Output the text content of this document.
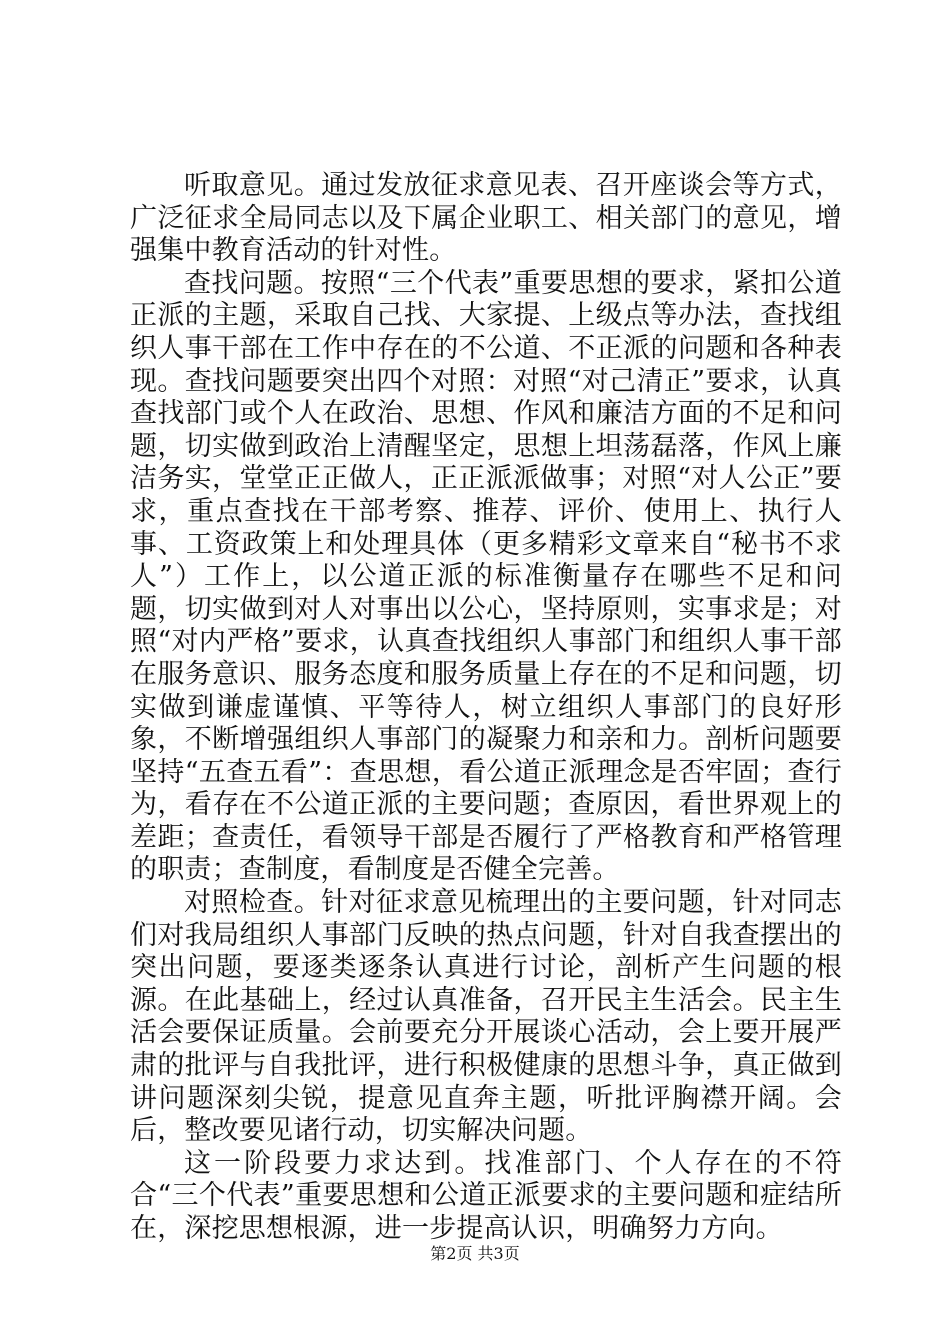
听取意见。通过发放征求意见表、召开座谈会等方式，广泛征求全局同志以及下属企业职工、相关部门的意见，增强集中教育活动的针对性。

查找问题。按照“三个代表”重要思想的要求，紧扣公道正派的主题，采取自己找、大家提、上级点等办法，查找组织人事干部在工作中存在的不公道、不正派的问题和各种表现。查找问题要突出四个对照：对照“对己清正”要求，认真查找部门或个人在政治、思想、作风和廉洁方面的不足和问题，切实做到政治上清醒坚定，思想上坦荡磊落，作风上廉洁务实，堂堂正正做人，正正派派做事；对照“对人公正”要求，重点查找在干部考察、推荐、评价、使用上、执行人事、工资政策上和处理具体（更多精彩文章来自“秘书不求人”）工作上，以公道正派的标准衡量存在哪些不足和问题，切实做到对人对事出以公心，坚持原则，实事求是；对照“对内严格”要求，认真查找组织人事部门和组织人事干部在服务意识、服务态度和服务质量上存在的不足和问题，切实做到谦虚谨慎、平等待人，树立组织人事部门的良好形象，不断增强组织人事部门的凝聚力和亲和力。剖析问题要坚持“五查五看”：查思想，看公道正派理念是否牢固；查行为，看存在不公道正派的主要问题；查原因，看世界观上的差距；查责任，看领导干部是否履行了严格教育和严格管理的职责；查制度，看制度是否健全完善。

对照检查。针对征求意见梳理出的主要问题，针对同志们对我局组织人事部门反映的热点问题，针对自我查摆出的突出问题，要逐类逐条认真进行讨论，剖析产生问题的根源。在此基础上，经过认真准备，召开民主生活会。民主生活会要保证质量。会前要充分开展谈心活动，会上要开展严肃的批评与自我批评，进行积极健康的思想斗争，真正做到讲问题深刻尖锐，提意见直奔主题，听批评胸襟开阔。会后，整改要见诸行动，切实解决问题。

这一阶段要力求达到。找准部门、个人存在的不符合“三个代表”重要思想和公道正派要求的主要问题和症结所在，深挖思想根源，进一步提高认识，明确努力方向。

第2页 共3页
